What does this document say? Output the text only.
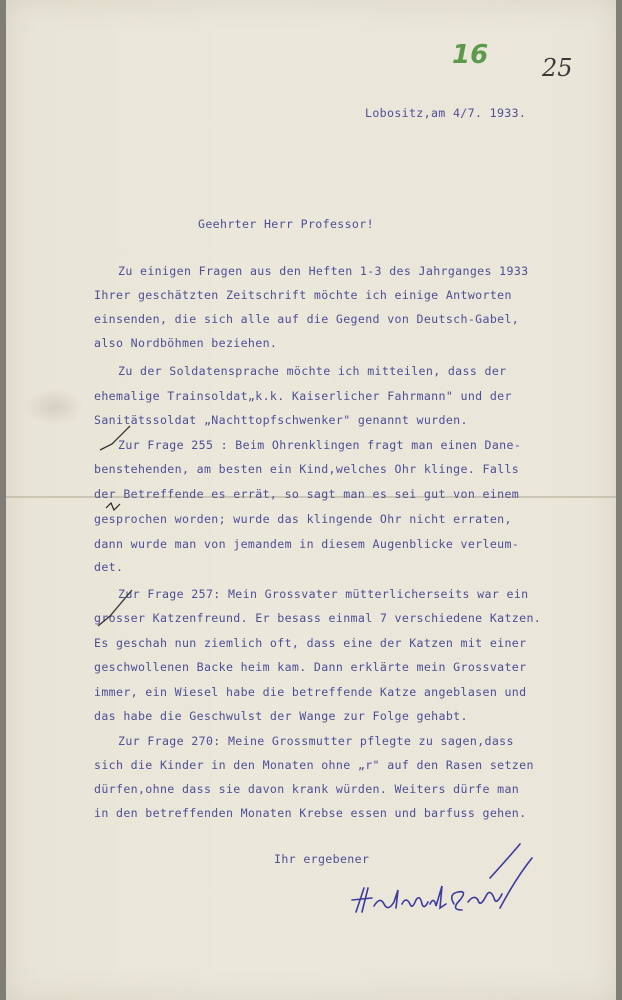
16 25
Lobositz,am 4/7. 1933.
Geehrter Herr Professor!
Zu einigen Fragen aus den Heften 1-3 des Jahrganges 1933
Ihrer geschätzten Zeitschrift möchte ich einige Antworten
einsenden, die sich alle auf die Gegend von Deutsch-Gabel,
also Nordböhmen beziehen.
Zu der Soldatensprache möchte ich mitteilen, dass der
ehemalige Trainsoldat„k.k. Kaiserlicher Fahrmann" und der
Sanitätssoldat „Nachttopfschwenker" genannt wurden.
Zur Frage 255 : Beim Ohrenklingen fragt man einen Dane-
benstehenden, am besten ein Kind,welches Ohr klinge. Falls
der Betreffende es errät, so sagt man es sei gut von einem
gesprochen worden; wurde das klingende Ohr nicht erraten,
dann wurde man von jemandem in diesem Augenblicke verleum-
det.
Zur Frage 257: Mein Grossvater mütterlicherseits war ein
grosser Katzenfreund. Er besass einmal 7 verschiedene Katzen.
Es geschah nun ziemlich oft, dass eine der Katzen mit einer
geschwollenen Backe heim kam. Dann erklärte mein Grossvater
immer, ein Wiesel habe die betreffende Katze angeblasen und
das habe die Geschwulst der Wange zur Folge gehabt.
Zur Frage 270: Meine Grossmutter pflegte zu sagen,dass
sich die Kinder in den Monaten ohne „r" auf den Rasen setzen
dürfen,ohne dass sie davon krank würden. Weiters dürfe man
in den betreffenden Monaten Krebse essen und barfuss gehen.
Ihr ergebener
